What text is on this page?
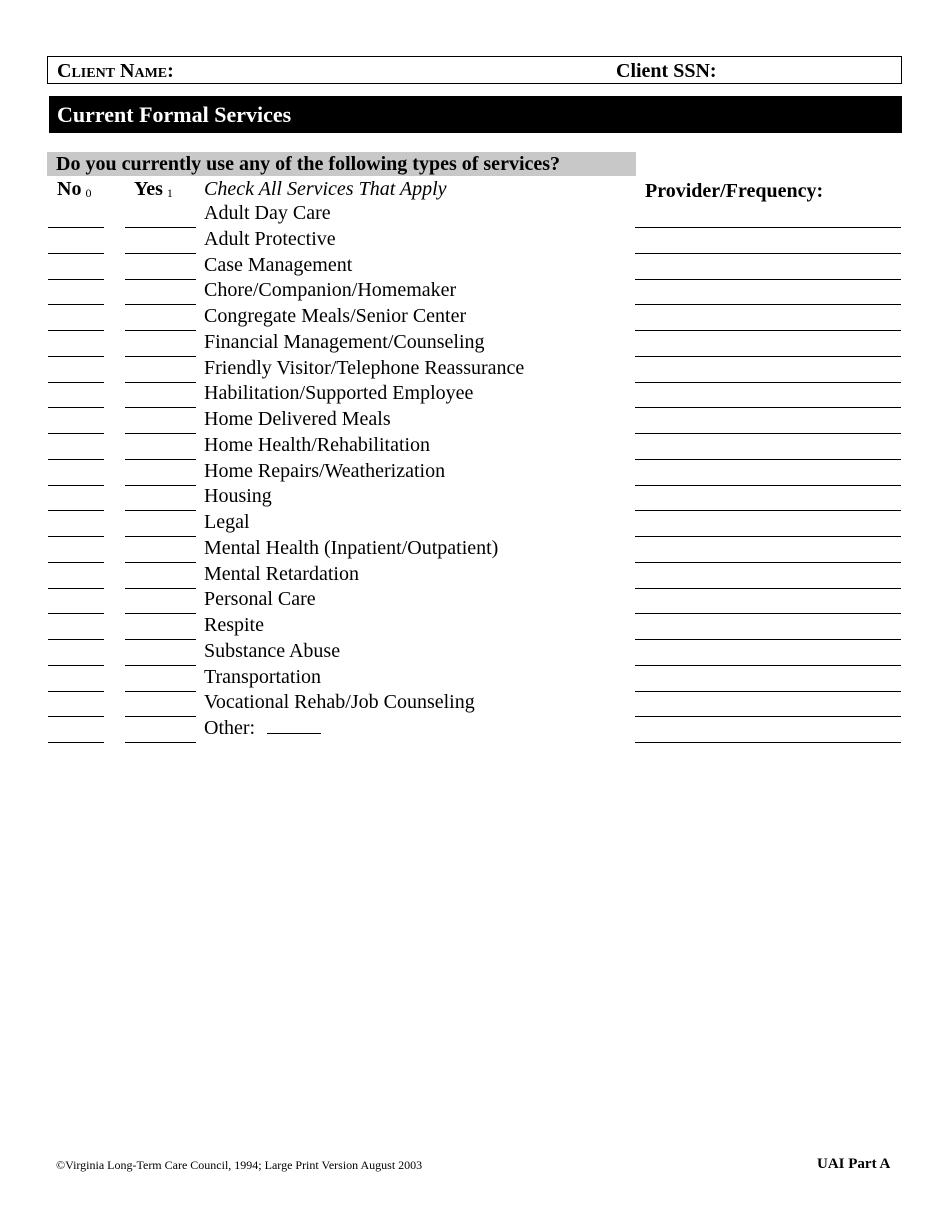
Client Name:	Client SSN:
Current Formal Services
Do you currently use any of the following types of services?
No $_0$ Yes $_1$ Check All Services That Apply	Provider/Frequency:
Adult Day Care
Adult Protective
Case Management
Chore/Companion/Homemaker
Congregate Meals/Senior Center
Financial Management/Counseling
Friendly Visitor/Telephone Reassurance
Habilitation/Supported Employee
Home Delivered Meals
Home Health/Rehabilitation
Home Repairs/Weatherization
Housing
Legal
Mental Health (Inpatient/Outpatient)
Mental Retardation
Personal Care
Respite
Substance Abuse
Transportation
Vocational Rehab/Job Counseling
Other:
©Virginia Long-Term Care Council, 1994; Large Print Version August 2003	UAI Part A
